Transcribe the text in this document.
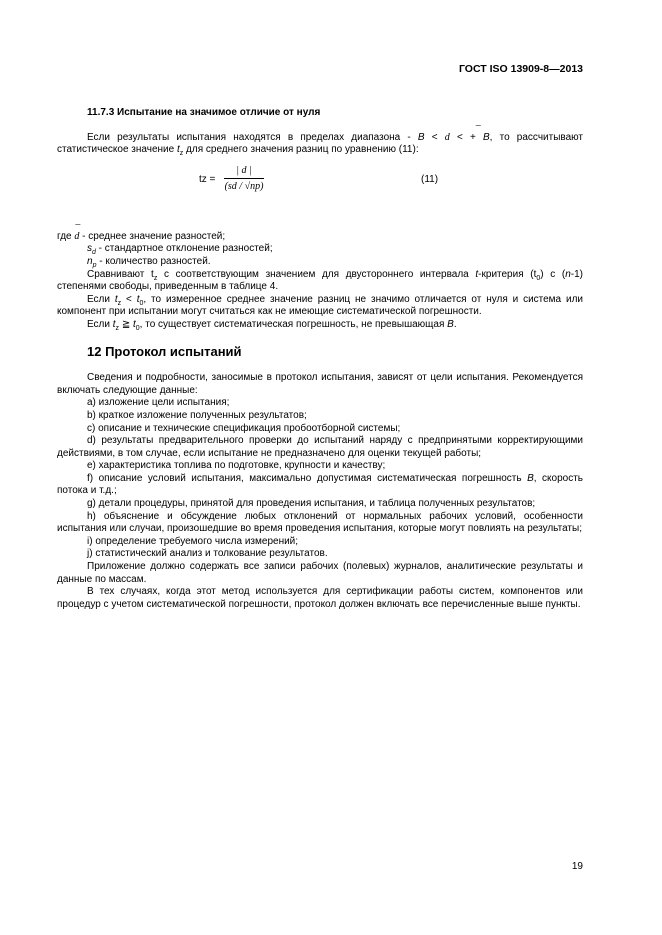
ГОСТ ISO 13909-8—2013

11.7.3 Испытание на значимое отличие от нуля

Если результаты испытания находятся в пределах диапазона - B < ¯ d < + B, то рассчитывают статистическое значение $t_z$ для среднего значения разниц по уравнению (11):

tz = $\frac{| d |}{(sd / √np)}$	(11)

где ¯ d - среднее значение разностей;

$s_d$ - стандартное отклонение разностей;

$n_p$ - количество разностей.

Сравнивают $t_z$ с соответствующим значением для двустороннего интервала t-критерия $(t_0)$ с (n-1) степенями свободы, приведенным в таблице 4.

Если $t_z < t_0$, то измеренное среднее значение разниц не значимо отличается от нуля и система или компонент при испытании могут считаться как не имеющие систематической погрешности.

Если $t_z$ ≧ $t_0$, то существует систематическая погрешность, не превышающая B.

12 Протокол испытаний

Сведения и подробности, заносимые в протокол испытания, зависят от цели испытания. Рекомендуется включать следующие данные:

a) изложение цели испытания;

b) краткое изложение полученных результатов;

c) описание и технические спецификация пробоотборной системы;

d) результаты предварительного проверки до испытаний наряду с предпринятыми корректирующими действиями, в том случае, если испытание не предназначено для оценки текущей работы;

e) характеристика топлива по подготовке, крупности и качеству;

f) описание условий испытания, максимально допустимая систематическая погрешность B, скорость потока и т.д.;

g) детали процедуры, принятой для проведения испытания, и таблица полученных результатов;

h) объяснение и обсуждение любых отклонений от нормальных рабочих условий, особенности испытания или случаи, произошедшие во время проведения испытания, которые могут повлиять на результаты;

i) определение требуемого числа измерений;

j) статистический анализ и толкование результатов.

Приложение должно содержать все записи рабочих (полевых) журналов, аналитические результаты и данные по массам.

В тех случаях, когда этот метод используется для сертификации работы систем, компонентов или процедур с учетом систематической погрешности, протокол должен включать все перечисленные выше пункты.

19
